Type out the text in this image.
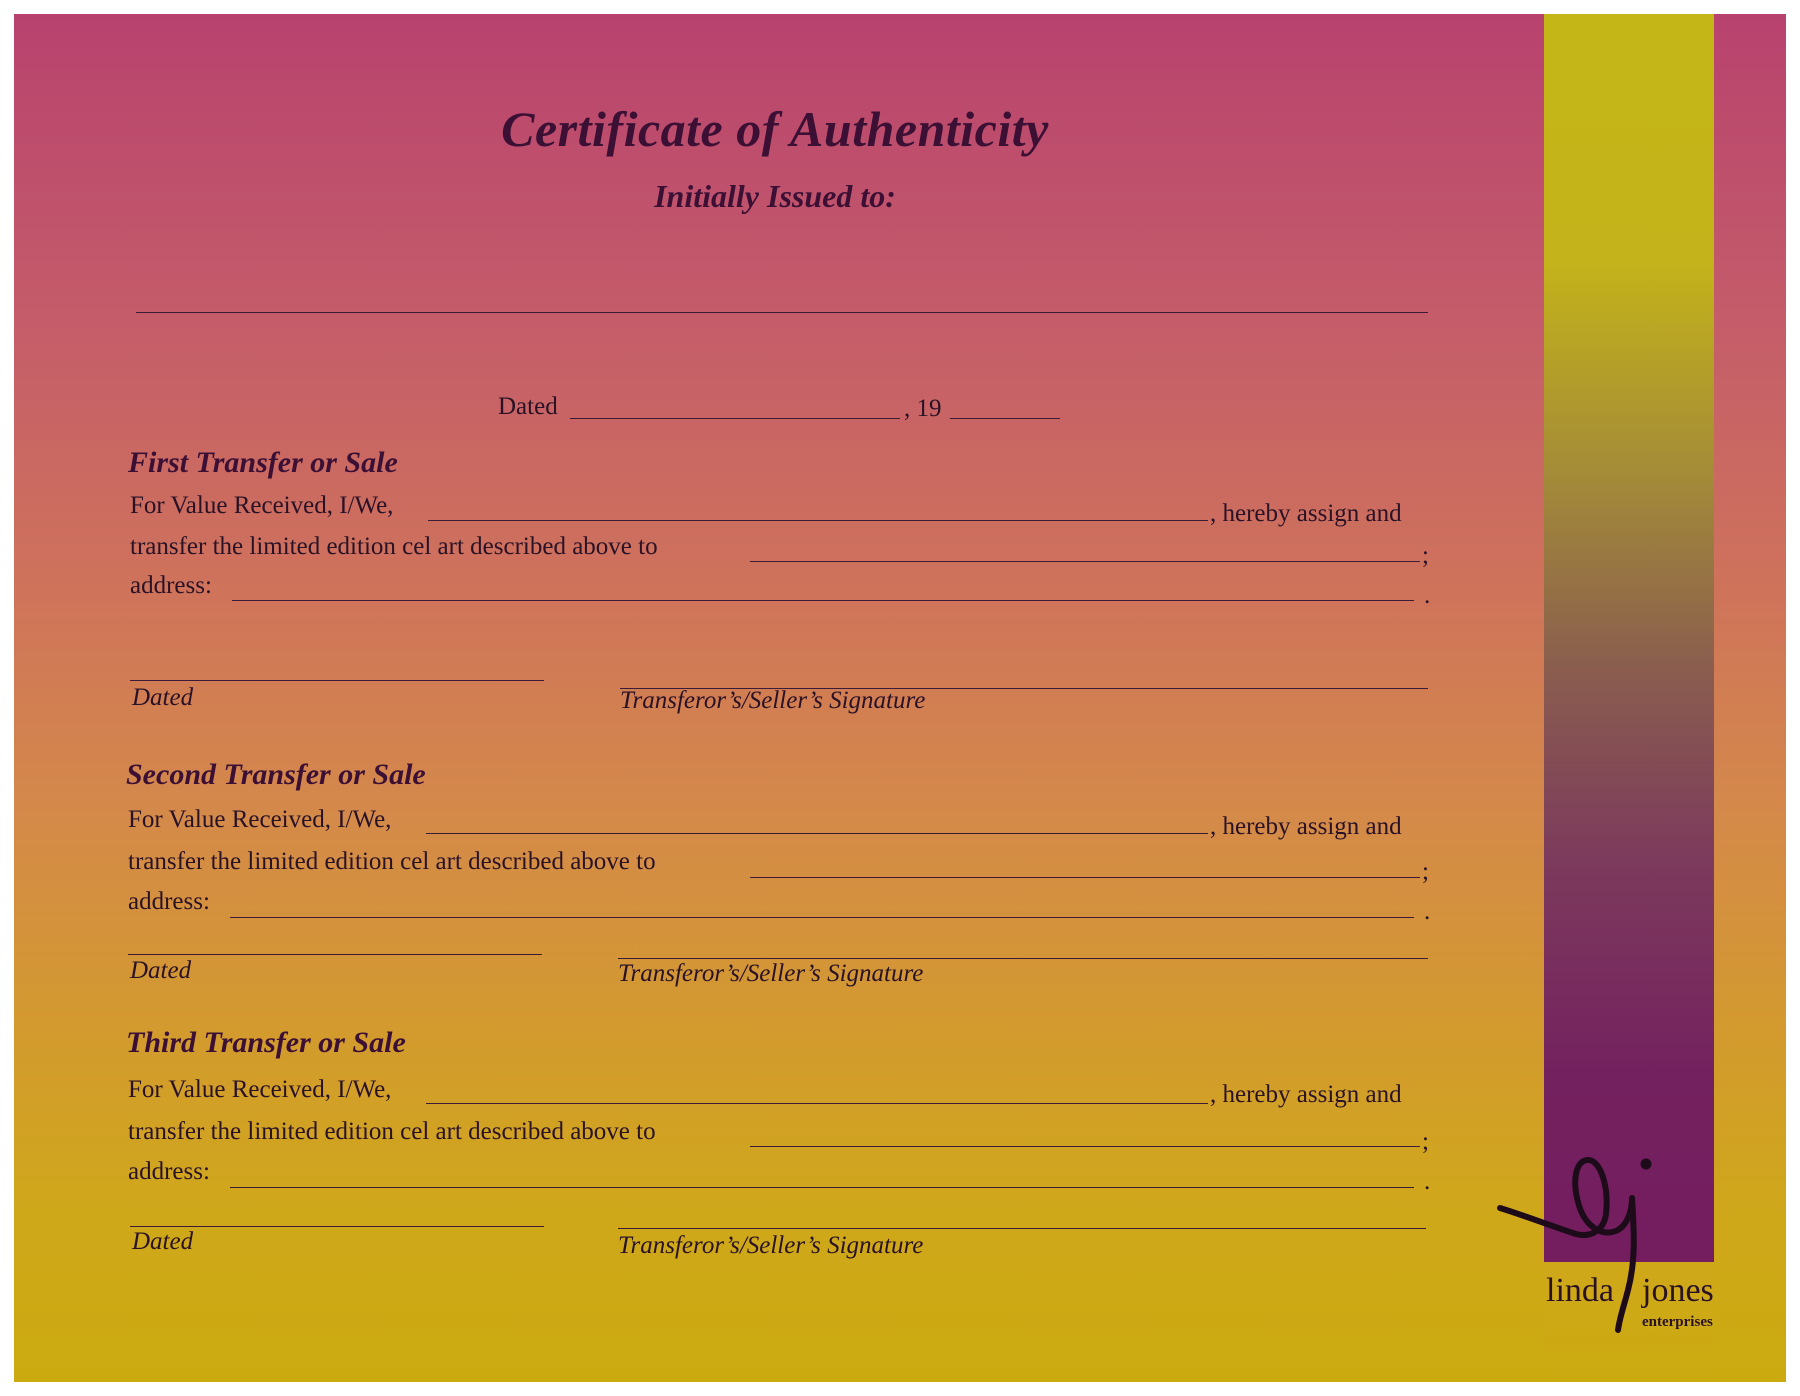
Certificate of Authenticity
Initially Issued to:
Dated	, 19
First Transfer or Sale
For Value Received, I/We,	, hereby assign and
transfer the limited edition cel art described above to	;
address:	.
Dated	Transferor’s/Seller’s Signature
Second Transfer or Sale
For Value Received, I/We,	, hereby assign and
transfer the limited edition cel art described above to	;
address:	.
Dated	Transferor’s/Seller’s Signature
Third Transfer or Sale
For Value Received, I/We,	, hereby assign and
transfer the limited edition cel art described above to	;
address:	.
Dated	Transferor’s/Seller’s Signature
linda jones
enterprises
